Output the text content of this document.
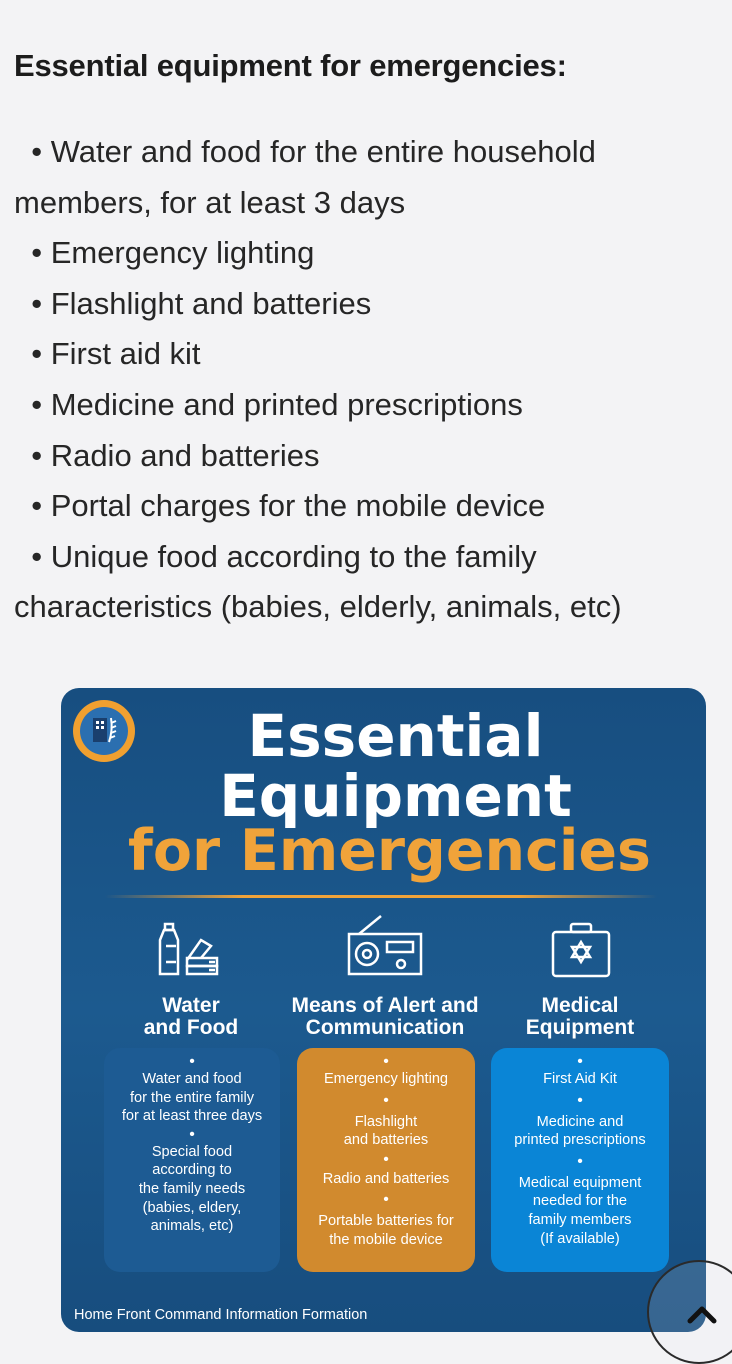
Essential equipment for emergencies:
• Water and food for the entire household
members, for at least 3 days
• Emergency lighting
• Flashlight and batteries
• First aid kit
• Medicine and printed prescriptions
• Radio and batteries
• Portal charges for the mobile device
• Unique food according to the family
characteristics (babies, elderly, animals, etc)
Essential
Equipment
for Emergencies
Water
and Food
Means of Alert and
Communication
Medical
Equipment
•
Water and food
for the entire family
for at least three days
•
Special food
according to
the family needs
(babies, eldery,
animals, etc)
•
Emergency lighting
•
Flashlight
and batteries
•
Radio and batteries
•
Portable batteries for
the mobile device
•
First Aid Kit
•
Medicine and
printed prescriptions
•
Medical equipment
needed for the
family members
(If available)
Home Front Command Information Formation
